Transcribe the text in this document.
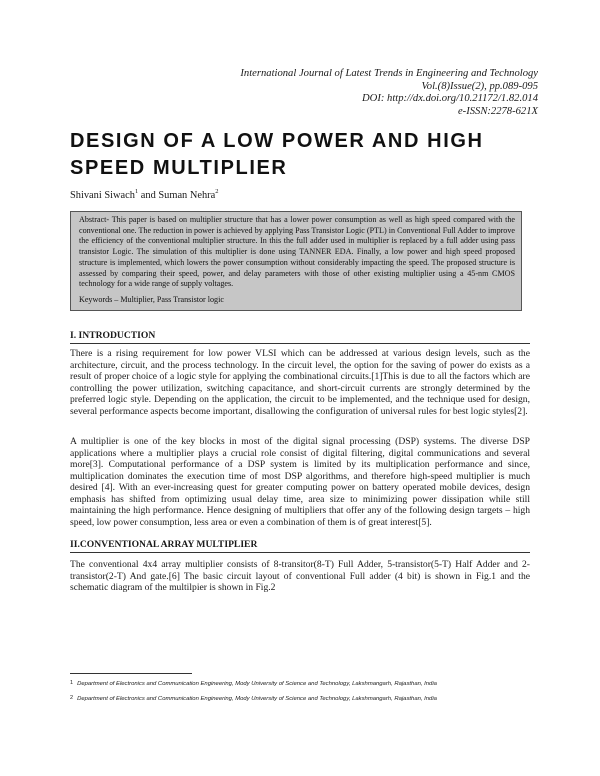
International Journal of Latest Trends in Engineering and Technology
Vol.(8)Issue(2), pp.089-095
DOI: http://dx.doi.org/10.21172/1.82.014
e-ISSN:2278-621X
DESIGN OF A LOW POWER AND HIGH SPEED MULTIPLIER
Shivani Siwach$^1$ and Suman Nehra$^2$

Abstract- This paper is based on multiplier structure that has a lower power consumption as well as high speed compared with the conventional one. The reduction in power is achieved by applying Pass Transistor Logic (PTL) in Conventional Full Adder to improve the efficiency of the conventional multiplier structure. In this the full adder used in multiplier is replaced by a full adder using pass transistor Logic. The simulation of this multiplier is done using TANNER EDA. Finally, a low power and high speed proposed structure is implemented, which lowers the power consumption without considerably impacting the speed. The proposed structure is assessed by comparing their speed, power, and delay parameters with those of other existing multiplier using a 45-nm CMOS technology for a wide range of supply voltages.

Keywords – Multiplier, Pass Transistor logic

I. INTRODUCTION

There is a rising requirement for low power VLSI which can be addressed at various design levels, such as the architecture, circuit, and the process technology. In the circuit level, the option for the saving of power do exists as a result of proper choice of a logic style for applying the combinational circuits.[1]This is due to all the factors which are controlling the power utilization, switching capacitance, and short-circuit currents are strongly determined by the preferred logic style. Depending on the application, the circuit to be implemented, and the technique used for design, several performance aspects become important, disallowing the configuration of universal rules for best logic styles[2].

A multiplier is one of the key blocks in most of the digital signal processing (DSP) systems. The diverse DSP applications where a multiplier plays a crucial role consist of digital filtering, digital communications and several more[3]. Computational performance of a DSP system is limited by its multiplication performance and since, multiplication dominates the execution time of most DSP algorithms, and therefore high-speed multiplier is much desired [4]. With an ever-increasing quest for greater computing power on battery operated mobile devices, design emphasis has shifted from optimizing usual delay time, area size to minimizing power dissipation while still maintaining the high performance. Hence designing of multipliers that offer any of the following design targets – high speed, low power consumption, less area or even a combination of them is of great interest[5].

II.CONVENTIONAL ARRAY MULTIPLIER

The conventional 4x4 array multiplier consists of 8-transitor(8-T) Full Adder, 5-transistor(5-T) Half Adder and 2-transistor(2-T) And gate.[6] The basic circuit layout of conventional Full adder (4 bit) is shown in Fig.1 and the schematic diagram of the multilpier is shown in Fig.2

$^1$ Department of Electronics and Communication Engineering, Mody University of Science and Technology, Lakshmangarh, Rajasthan, India
$^2$ Department of Electronics and Communication Engineering, Mody University of Science and Technology, Lakshmangarh, Rajasthan, India
